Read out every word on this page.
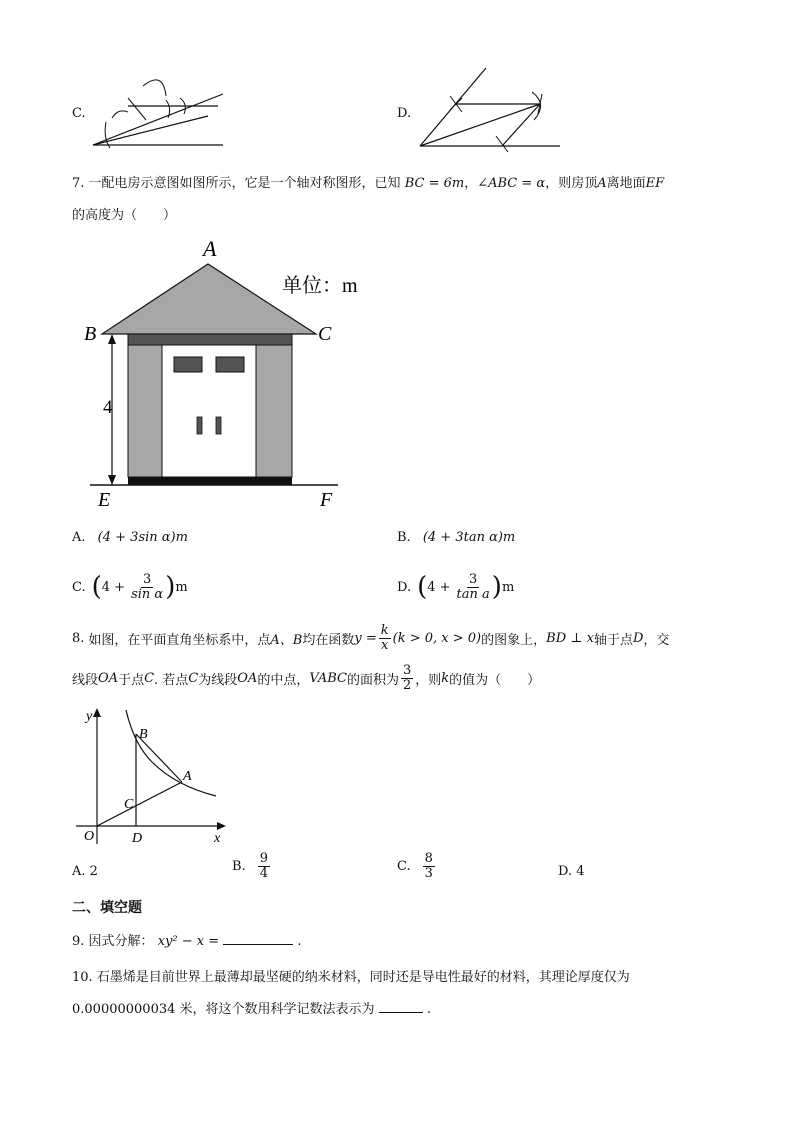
C.	D.
7. 一配电房示意图如图所示，它是一个轴对称图形，已知 BC = 6m，∠ABC = α，则房顶A离地面EF
的高度为（　　）
A
B	C
E	F
单位：m
4
A. (4 + 3sin α)m	B. (4 + 3tan α)m
C. ( $4 + \frac{3}{\text{sin α}}$ ) m	D. ( $4 + \frac{3}{\text{tan a}}$ ) m
8. 如图，在平面直角坐标系中，点 A、B 均在函数 $y = \frac{k}{x} (k > 0$, x > 0) 的图象上， BD ⊥ x 轴于点 D ，交
线段 OA 于点 C . 若点 C 为线段 OA 的中点， VABC 的面积为 $\frac{3}{2}$ ，则 k 的值为（　　）
y
x
O
B
A
C
D
A. 2	B. $\frac{9}{4}$	C. $\frac{8}{3}$	D. 4
二、填空题
9. 因式分解： xy² − x =	.
10. 石墨烯是目前世界上最薄却最坚硬的纳米材料，同时还是导电性最好的材料，其理论厚度仅为
0.00000000034 米，将这个数用科学记数法表示为	.
